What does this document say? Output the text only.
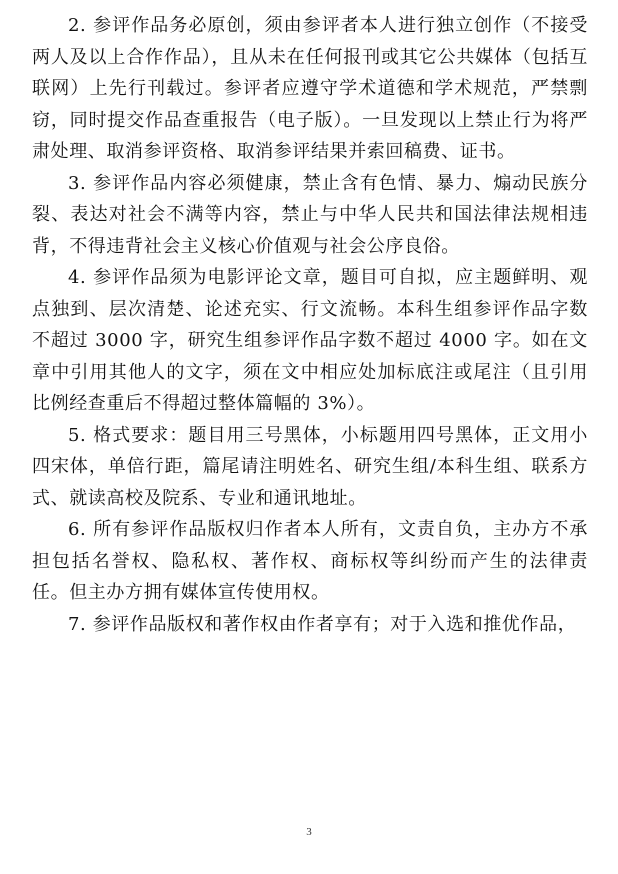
2. 参评作品务必原创，须由参评者本人进行独立创作（不接受两人及以上合作作品），且从未在任何报刊或其它公共媒体（包括互联网）上先行刊载过。参评者应遵守学术道德和学术规范，严禁剽窃，同时提交作品查重报告（电子版）。一旦发现以上禁止行为将严肃处理、取消参评资格、取消参评结果并索回稿费、证书。

3. 参评作品内容必须健康，禁止含有色情、暴力、煽动民族分裂、表达对社会不满等内容，禁止与中华人民共和国法律法规相违背，不得违背社会主义核心价值观与社会公序良俗。

4. 参评作品须为电影评论文章，题目可自拟，应主题鲜明、观点独到、层次清楚、论述充实、行文流畅。本科生组参评作品字数不超过 3000 字，研究生组参评作品字数不超过 4000 字。如在文章中引用其他人的文字，须在文中相应处加标底注或尾注（且引用比例经查重后不得超过整体篇幅的 3%）。

5. 格式要求：题目用三号黑体，小标题用四号黑体，正文用小四宋体，单倍行距，篇尾请注明姓名、研究生组/本科生组、联系方式、就读高校及院系、专业和通讯地址。

6. 所有参评作品版权归作者本人所有，文责自负，主办方不承担包括名誉权、隐私权、著作权、商标权等纠纷而产生的法律责任。但主办方拥有媒体宣传使用权。

7. 参评作品版权和著作权由作者享有；对于入选和推优作品，

3
